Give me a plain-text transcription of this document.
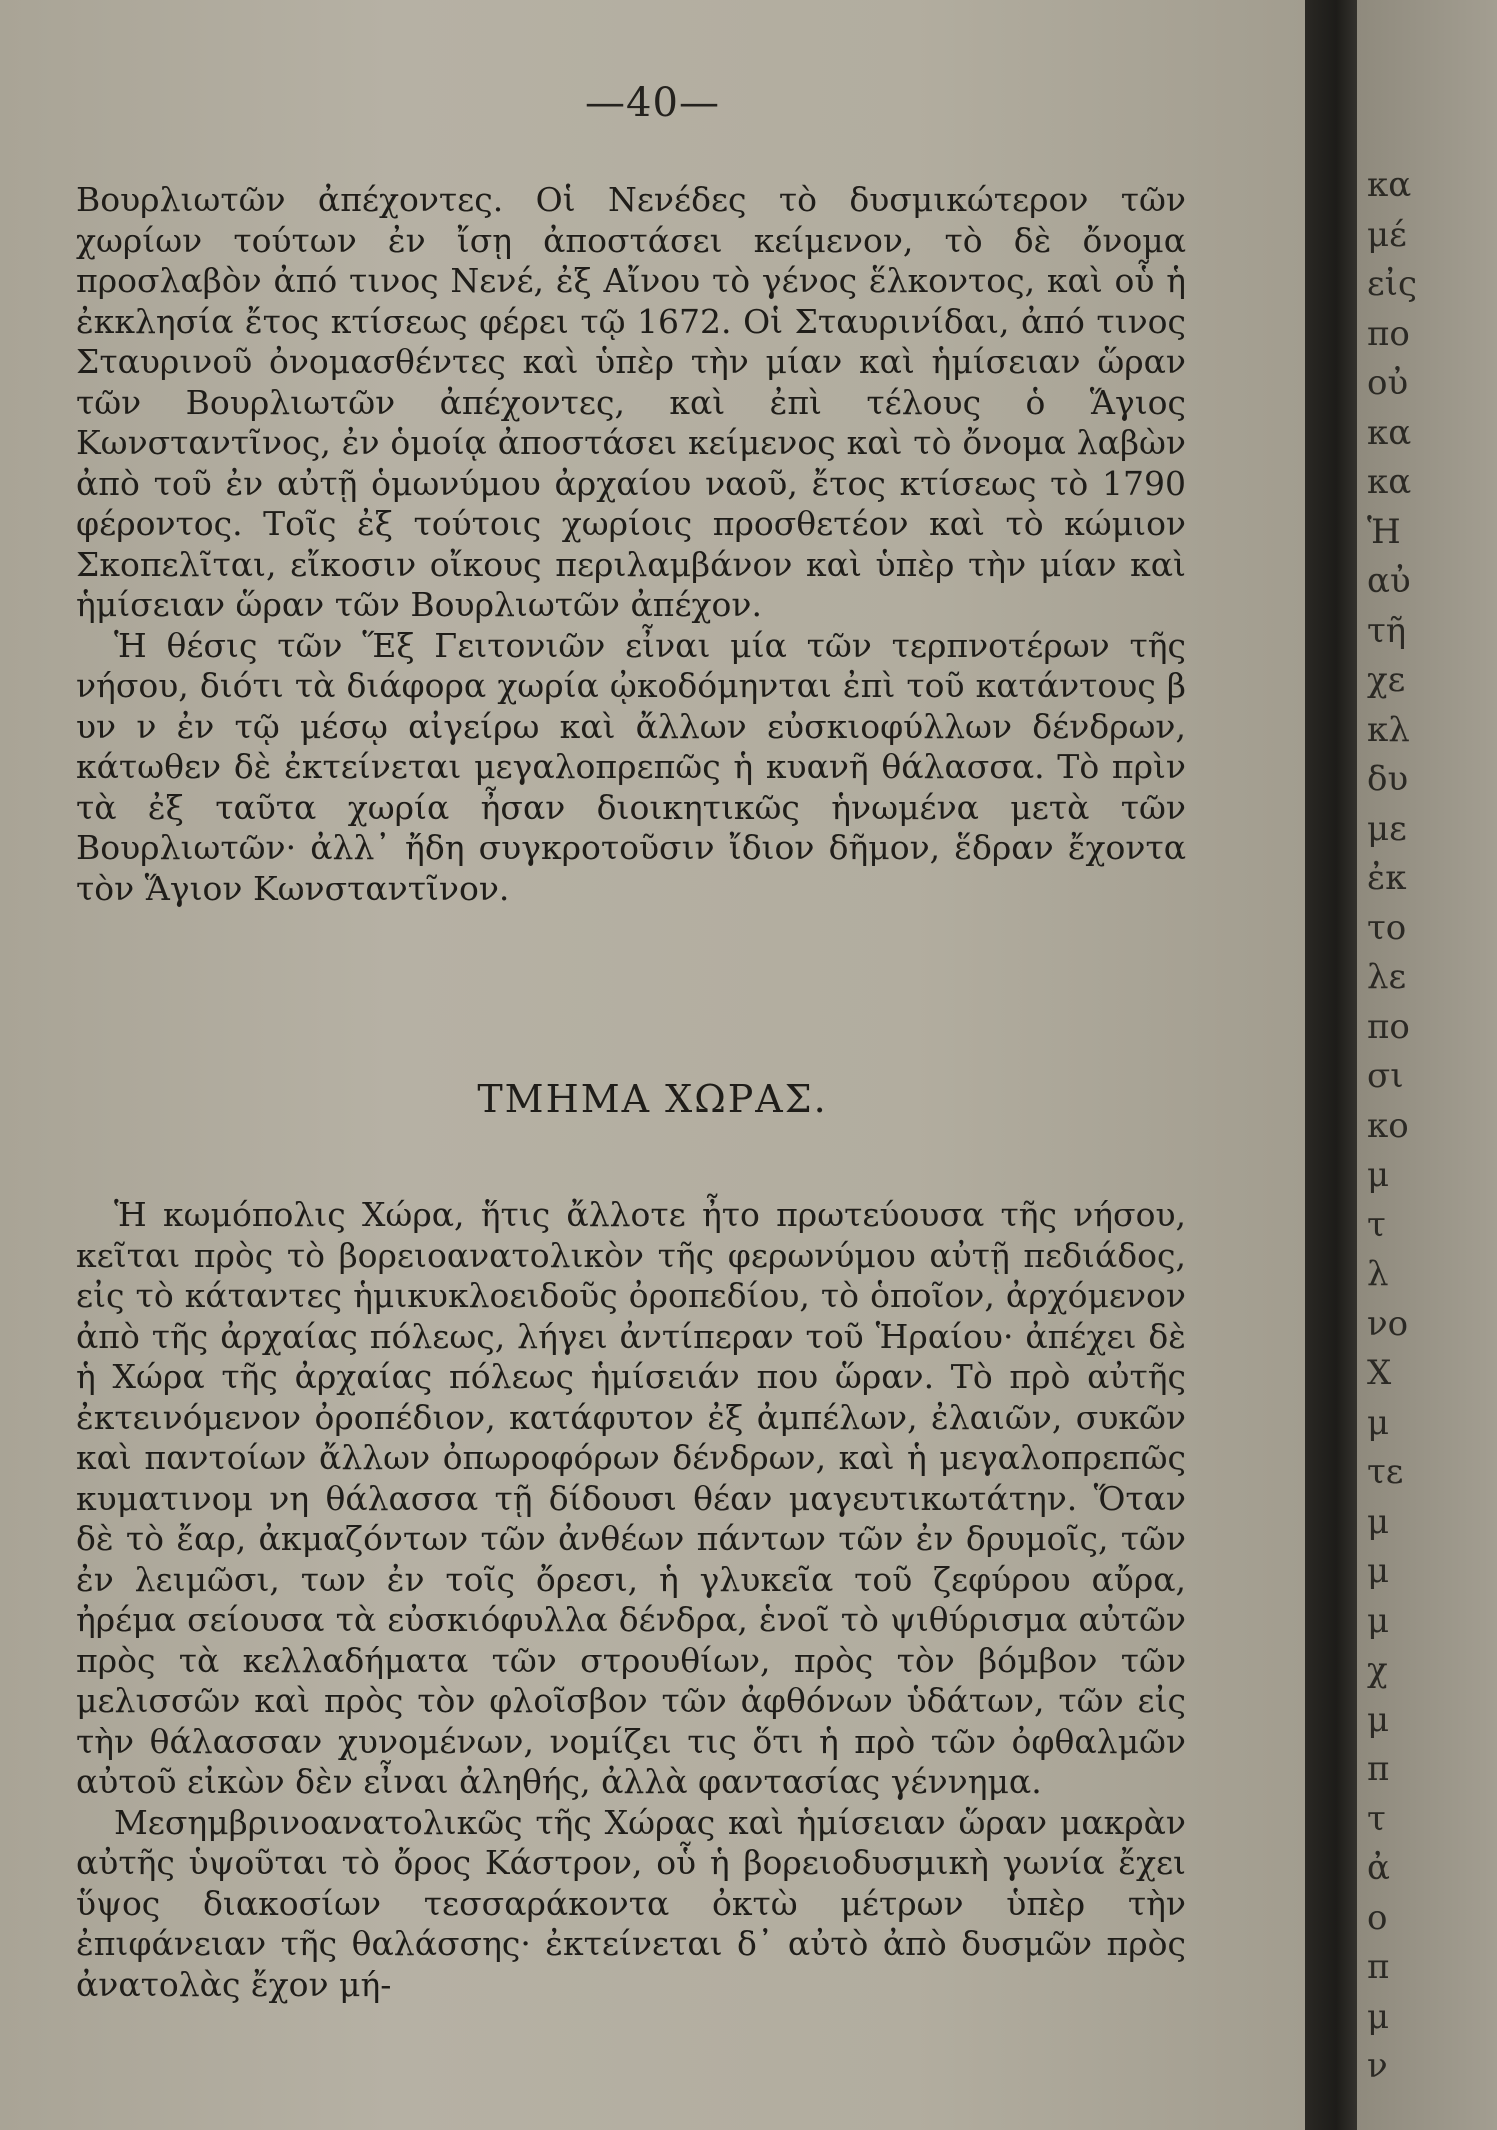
—40—

Βουρλιωτῶν ἀπέχοντες. Οἱ Νενέδες τὸ δυσμικώτερον τῶν χωρίων τούτων ἐν ἴσῃ ἀποστάσει κείμενον, τὸ δὲ ὄνομα προσλαβὸν ἀπό τινος Νενέ, ἐξ Αἴνου τὸ γένος ἕλκοντος, καὶ οὗ ἡ ἐκκλησία ἔτος κτίσεως φέρει τῷ 1672. Οἱ Σταυρινίδαι, ἀπό τινος Σταυρινοῦ ὀνομασθέντες καὶ ὑπὲρ τὴν μίαν καὶ ἡμίσειαν ὥραν τῶν Βουρλιωτῶν ἀπέχοντες, καὶ ἐπὶ τέλους ὁ Ἅγιος Κωνσταντῖνος, ἐν ὁμοίᾳ ἀποστάσει κείμενος καὶ τὸ ὄνομα λαβὼν ἀπὸ τοῦ ἐν αὐτῇ ὁμωνύμου ἀρχαίου ναοῦ, ἔτος κτίσεως τὸ 1790 φέροντος. Τοῖς ἐξ τούτοις χωρίοις προσθετέον καὶ τὸ κώμιον Σκοπελῖται, εἴκοσιν οἴκους περιλαμβάνον καὶ ὑπὲρ τὴν μίαν καὶ ἡμίσειαν ὥραν τῶν Βουρλιωτῶν ἀπέχον.

Ἡ θέσις τῶν Ἕξ Γειτονιῶν εἶναι μία τῶν τερπνοτέρων τῆς νήσου, διότι τὰ διάφορα χωρία ᾠκοδόμηνται ἐπὶ τοῦ κατάντους β υν ν ἐν τῷ μέσῳ αἰγείρω καὶ ἄλλων εὐσκιοφύλλων δένδρων, κάτωθεν δὲ ἐκτείνεται μεγαλοπρεπῶς ἡ κυανῆ θάλασσα. Τὸ πρὶν τὰ ἐξ ταῦτα χωρία ἦσαν διοικητικῶς ἡνωμένα μετὰ τῶν Βουρλιωτῶν· ἀλλ᾽ ἤδη συγκροτοῦσιν ἴδιον δῆμον, ἕδραν ἔχοντα τὸν Ἅγιον Κωνσταντῖνον.

ΤΜΗΜΑ ΧΩΡΑΣ.

Ἡ κωμόπολις Χώρα, ἥτις ἄλλοτε ἦτο πρωτεύουσα τῆς νήσου, κεῖται πρὸς τὸ βορειοανατολικὸν τῆς φερωνύμου αὐτῇ πεδιάδος, εἰς τὸ κάταντες ἡμικυκλοειδοῦς ὀροπεδίου, τὸ ὁποῖον, ἀρχόμενον ἀπὸ τῆς ἀρχαίας πόλεως, λήγει ἀντίπεραν τοῦ Ἡραίου· ἀπέχει δὲ ἡ Χώρα τῆς ἀρχαίας πόλεως ἡμίσειάν που ὥραν. Τὸ πρὸ αὐτῆς ἐκτεινόμενον ὀροπέδιον, κατάφυτον ἐξ ἀμπέλων, ἐλαιῶν, συκῶν καὶ παντοίων ἄλλων ὀπωροφόρων δένδρων, καὶ ἡ μεγαλοπρεπῶς κυματινομ νη θάλασσα τῇ δίδουσι θέαν μαγευτικωτάτην. Ὅταν δὲ τὸ ἔαρ, ἀκμαζόντων τῶν ἀνθέων πάντων τῶν ἐν δρυμοῖς, τῶν ἐν λειμῶσι, των ἐν τοῖς ὄρεσι, ἡ γλυκεῖα τοῦ ζεφύρου αὔρα, ἠρέμα σείουσα τὰ εὐσκιόφυλλα δένδρα, ἑνοῖ τὸ ψιθύρισμα αὐτῶν πρὸς τὰ κελλαδήματα τῶν στρουθίων, πρὸς τὸν βόμβον τῶν μελισσῶν καὶ πρὸς τὸν φλοῖσβον τῶν ἀφθόνων ὑδάτων, τῶν εἰς τὴν θάλασσαν χυνομένων, νομίζει τις ὅτι ἡ πρὸ τῶν ὀφθαλμῶν αὐτοῦ εἰκὼν δὲν εἶναι ἀληθής, ἀλλὰ φαντασίας γέννημα.

Μεσημβρινοανατολικῶς τῆς Χώρας καὶ ἡμίσειαν ὥραν μακρὰν αὐτῆς ὑψοῦται τὸ ὄρος Κάστρον, οὗ ἡ βορειοδυσμικὴ γωνία ἔχει ὕψος διακοσίων τεσσαράκοντα ὀκτὼ μέτρων ὑπὲρ τὴν ἐπιφάνειαν τῆς θαλάσσης· ἐκτείνεται δ᾽ αὐτὸ ἀπὸ δυσμῶν πρὸς ἀνατολὰς ἔχον μή-

κα
μέ
εἰς
πο
οὐ
κα
κα
Ἡ
αὐ
τῆ
χε
κλ
δυ
με
ἐκ
το
λε
πο
σι
κο
μ
τ
λ
νο
Χ
μ
τε
μ
μ
μ
χ
μ
π
τ
ἀ
ο
π
μ
ν
